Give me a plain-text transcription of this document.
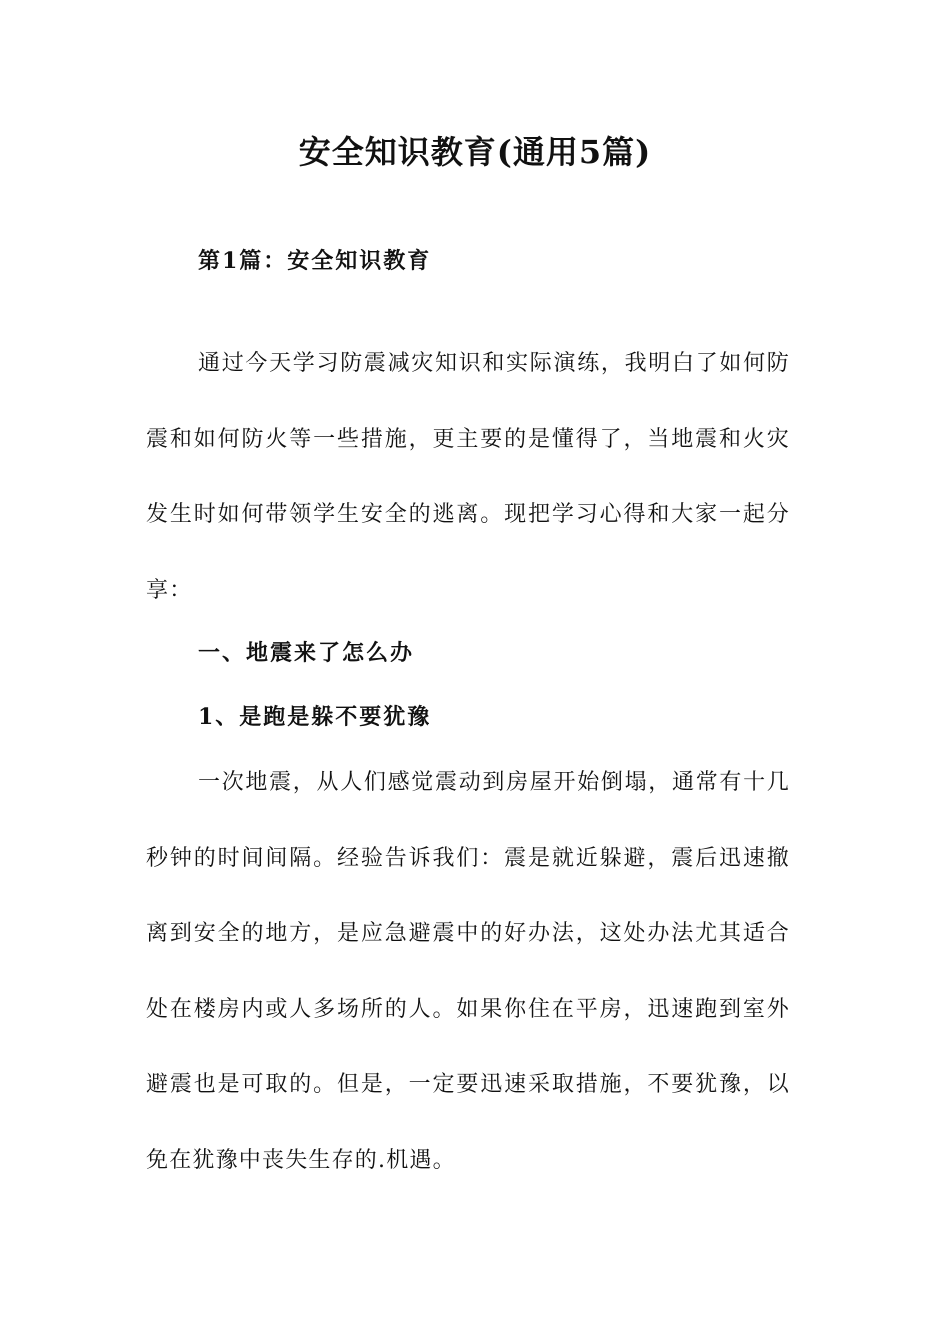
安全知识教育(通用5篇)
第1篇：安全知识教育

通过今天学习防震减灾知识和实际演练，我明白了如何防震和如何防火等一些措施，更主要的是懂得了，当地震和火灾发生时如何带领学生安全的逃离。现把学习心得和大家一起分享：

一、地震来了怎么办
1、是跑是躲不要犹豫

一次地震，从人们感觉震动到房屋开始倒塌，通常有十几秒钟的时间间隔。经验告诉我们：震是就近躲避，震后迅速撤离到安全的地方，是应急避震中的好办法，这处办法尤其适合处在楼房内或人多场所的人。如果你住在平房，迅速跑到室外避震也是可取的。但是，一定要迅速采取措施，不要犹豫，以免在犹豫中丧失生存的.机遇。
